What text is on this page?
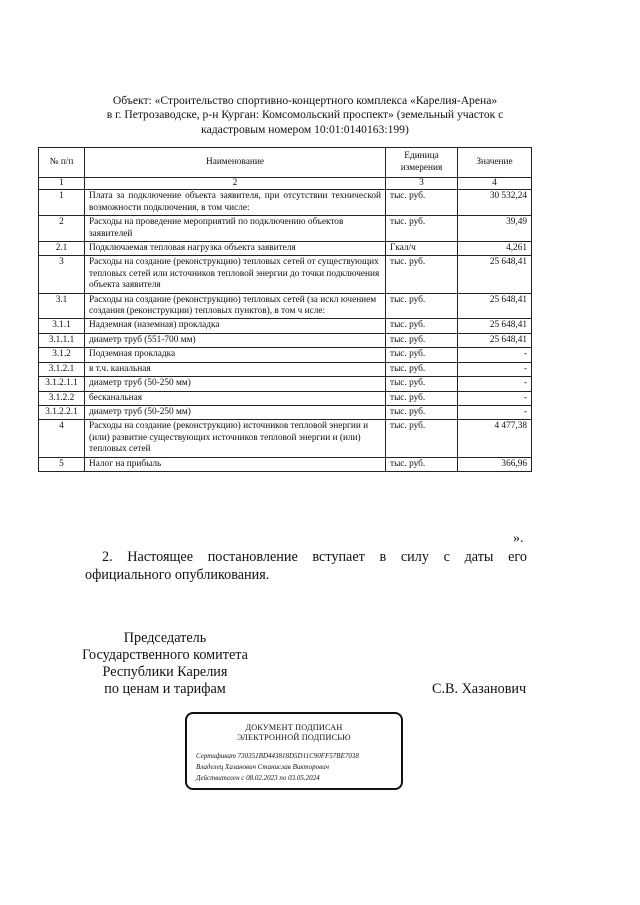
Объект: «Строительство спортивно-концертного комплекса «Карелия-Арена»
в г. Петрозаводске, р-н Курган: Комсомольский проспект» (земельный участок с
кадастровым номером 10:01:0140163:199)
№ п/п	Наименование	Единица измерения	Значение
1	2	3	4
1	Плата за подключение объекта заявителя, при отсутствии технической возможности подключения, в том числе:	тыс. руб.	30 532,24
2	Расходы на проведение мероприятий по подключению объектов заявителей	тыс. руб.	39,49
2.1	Подключаемая тепловая нагрузка объекта заявителя	Гкал/ч	4,261
3	Расходы на создание (реконструкцию) тепловых сетей от существующих тепловых сетей или источников тепловой энергии до точки подключения объекта заявителя	тыс. руб.	25 648,41
3.1	Расходы на создание (реконструкцию) тепловых сетей (за искл ючением создания (реконструкции) тепловых пунктов), в том ч исле:	тыс. руб.	25 648,41
3.1.1	Надземная (наземная) прокладка	тыс. руб.	25 648,41
3.1.1.1	диаметр труб (551-700 мм)	тыс. руб.	25 648,41
3.1.2	Подземная прокладка	тыс. руб.	-
3.1.2.1	в т.ч. канальная	тыс. руб.	-
3.1.2.1.1	диаметр труб (50-250 мм)	тыс. руб.	-
3.1.2.2	бесканальная	тыс. руб.	-
3.1.2.2.1	диаметр труб (50-250 мм)	тыс. руб.	-
4	Расходы на создание (реконструкцию) источников тепловой энергии и (или) развитие существующих источников тепловой энергии и (или) тепловых сетей	тыс. руб.	4 477,38
5	Налог на прибыль	тыс. руб.	366,96
».
2. Настоящее постановление вступает в силу с даты его официального опубликования.
Председатель
Государственного комитета
Республики Карелия
по ценам и тарифам	С.В. Хазанович
ДОКУМЕНТ ПОДПИСАН
ЭЛЕКТРОННОЙ ПОДПИСЬЮ
Сертификат 730351BD443818D5D11C90FF57BE7038
Владелец Хазанович Станислав Викторович
Действителен с 08.02.2023 по 03.05.2024
